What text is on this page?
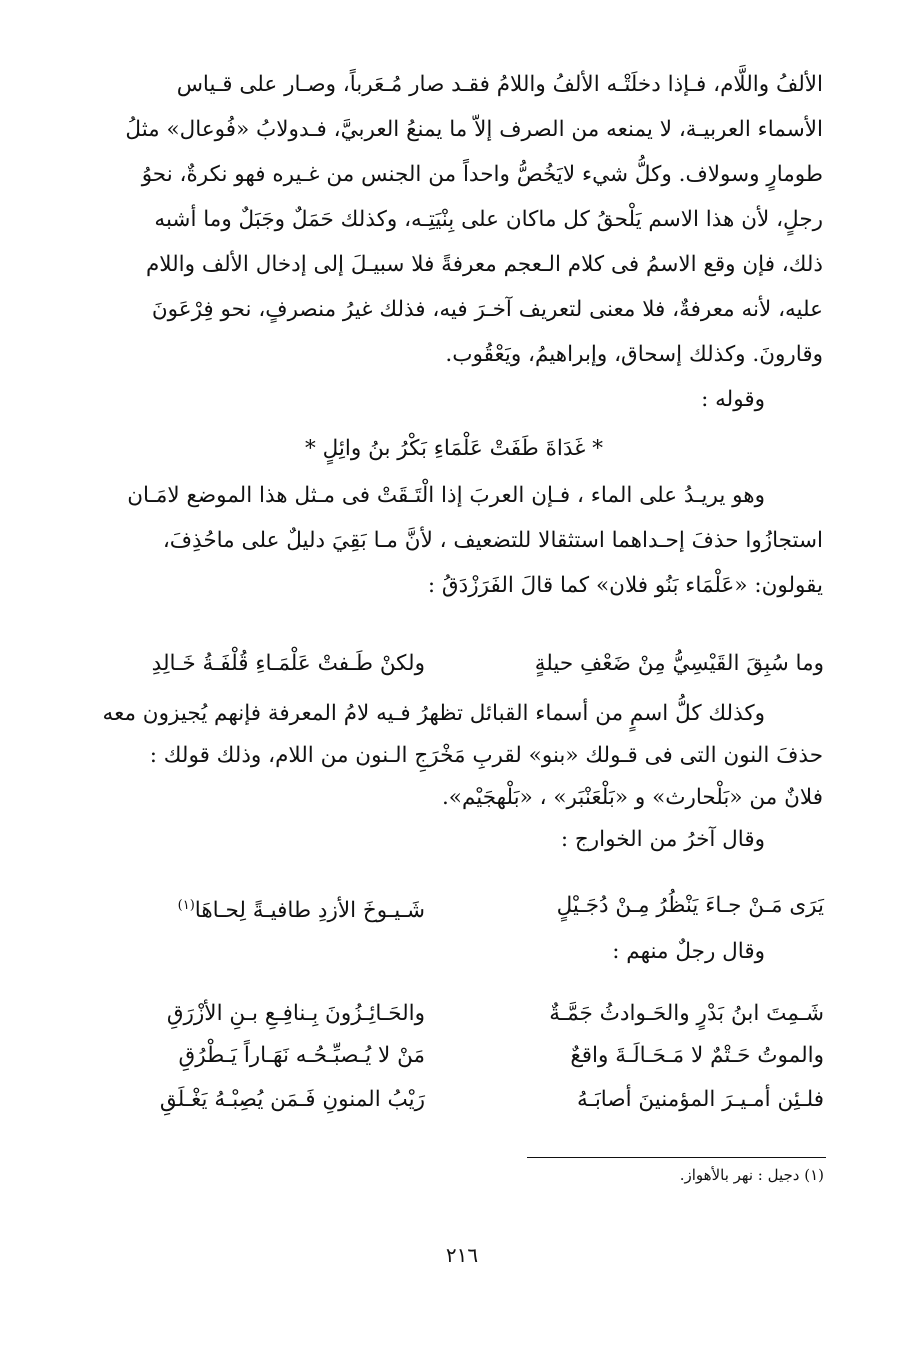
الألفُ واللَّام، فـإذا دخلَتْـه الألفُ واللامُ فقـد صار مُـعَرباً، وصـار على قـياس
الأسماء العربيـة، لا يمنعه من الصرف إلاّ ما يمنعُ العربيَّ، فـدولابُ «فُوعال» مثلُ
طومارٍ وسولاف. وكلُّ شيء لايَخُصُّ واحداً من الجنس من غـيره فهو نكرةٌ، نحوُ
رجلٍ، لأن هذا الاسم يَلْحقُ كل ماكان على بِنْيَتِـه، وكذلك حَمَلٌ وجَبَلٌ وما أشبه
ذلك، فإن وقع الاسمُ فى كلام الـعجم معرفةً فلا سبيـلَ إلى إدخال الألف واللام
عليه، لأنه معرفةٌ، فلا معنى لتعريف آخـرَ فيه، فذلك غيرُ منصرفٍ، نحو فِرْعَونَ
وقارونَ. وكذلك إسحاق، وإبراهيمُ، ويَعْقُوب.
وقوله :
* غَدَاةَ طَفَتْ عَلْمَاءِ بَكْرُ بنُ وائِلٍ *
وهو يريـدُ على الماء ، فـإن العربَ إذا الْتَـقَتْ فى مـثل هذا الموضع لامَـان
استجازُوا حذفَ إحـداهما استثقالا للتضعيف ، لأنَّ مـا بَقِيَ دليلٌ على ماحُذِفَ،
يقولون: «عَلْمَاء بَنُو فلان» كما قالَ الفَرَزْدَقُ :
وما سُبِقَ القَيْسِيُّ مِنْ ضَعْفِ حيلةٍ
ولكنْ طَـفتْ عَلْمَـاءِ قُلْفَـةُ خَـالِدِ
وكذلك كلُّ اسمٍ من أسماء القبائل تظهرُ فـيه لامُ المعرفة فإنهم يُجيزون معه
حذفَ النون التى فى قـولك «بنو» لقربِ مَخْرَجِ الـنون من اللام، وذلك قولك :
فلانٌ من «بَلْحارث» و «بَلْعَنْبَر» ، «بَلْهجَيْم».
وقال آخرُ من الخوارج :
يَرَى مَـنْ جـاءَ يَنْظُرُ مِـنْ دُجَـيْلٍ
شَـيـوخَ الأزدِ طافيـةً لِحـاهَا$^{(١)}$
وقال رجلٌ منهم :
شَـمِتَ ابنُ بَدْرٍ والحَـوادثُ جَمَّـةٌ
والحَـائِـزُونَ بِـنافِـعِ بـنِ الأزْرَقِ
والموتُ حَـتْمٌ لا مَـحَـالَـةَ واقعٌ
مَنْ لا يُـصبِّـحُـه نَهَـاراً يَـطْرُقِ
فلـئِن أمـيـرَ المؤمنينَ أصابَـهُ
رَيْبُ المنونِ فَـمَن يُصِبْـهُ يَغْـلَقِ
(١) دجيل : نهر بالأهواز.
٢١٦
